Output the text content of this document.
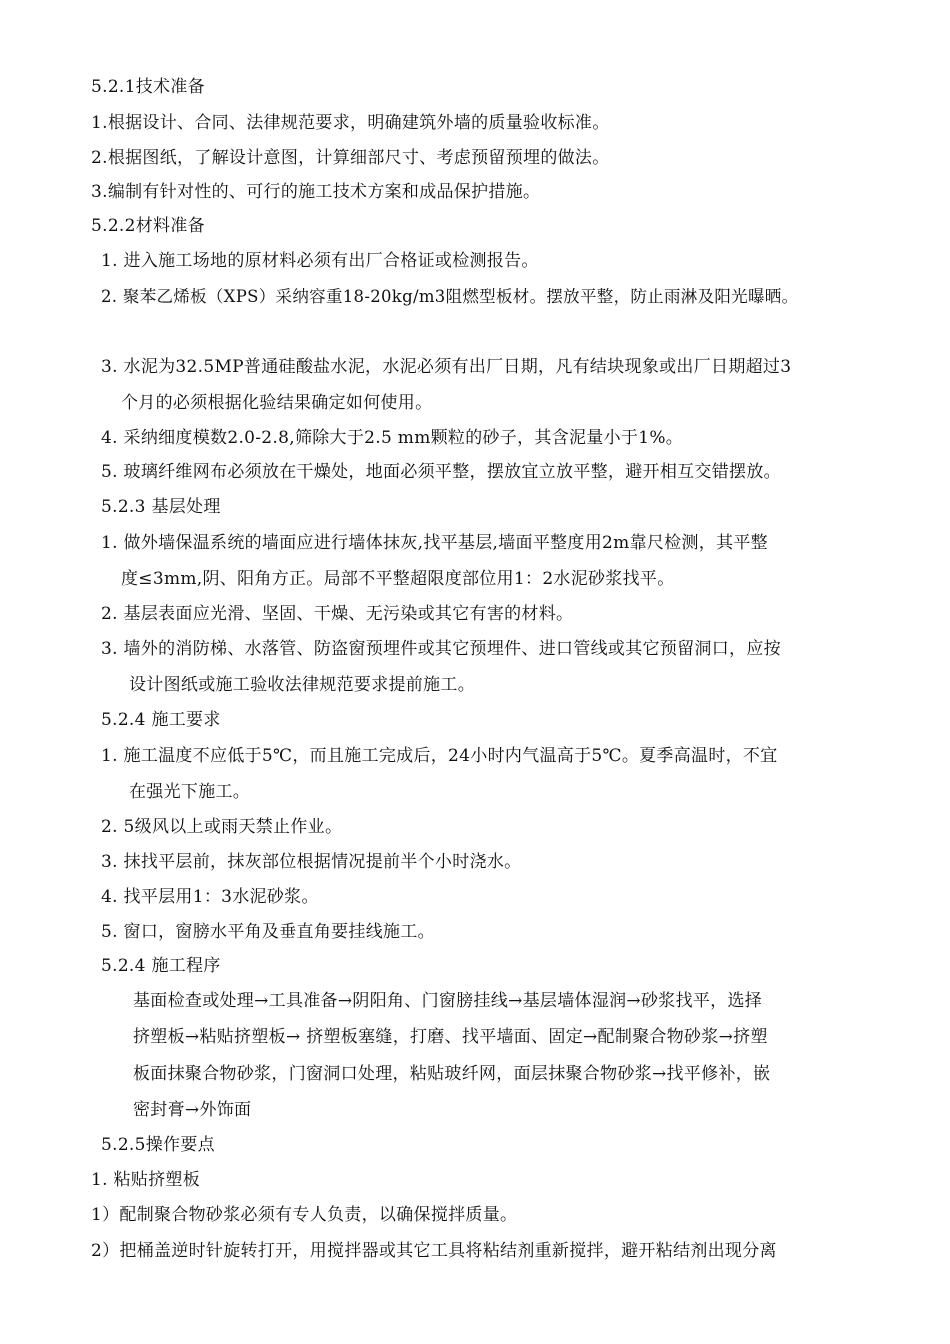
5.2.1技术准备
1.根据设计、合同、法律规范要求，明确建筑外墙的质量验收标准。
2.根据图纸，了解设计意图，计算细部尺寸、考虑预留预埋的做法。
3.编制有针对性的、可行的施工技术方案和成品保护措施。
5.2.2材料准备
1. 进入施工场地的原材料必须有出厂合格证或检测报告。
2. 聚苯乙烯板（XPS）采纳容重18-20kg/m3阻燃型板材。摆放平整，防止雨淋及阳光曝晒。
3. 水泥为32.5MP普通硅酸盐水泥，水泥必须有出厂日期，凡有结块现象或出厂日期超过3
个月的必须根据化验结果确定如何使用。
4. 采纳细度模数2.0-2.8,筛除大于2.5 mm颗粒的砂子，其含泥量小于1%。
5. 玻璃纤维网布必须放在干燥处，地面必须平整，摆放宜立放平整，避开相互交错摆放。
5.2.3 基层处理
1. 做外墙保温系统的墙面应进行墙体抹灰,找平基层,墙面平整度用2m靠尺检测，其平整
度≤3mm,阴、阳角方正。局部不平整超限度部位用1：2水泥砂浆找平。
2. 基层表面应光滑、坚固、干燥、无污染或其它有害的材料。
3. 墙外的消防梯、水落管、防盗窗预埋件或其它预埋件、进口管线或其它预留洞口，应按
设计图纸或施工验收法律规范要求提前施工。
5.2.4 施工要求
1. 施工温度不应低于5℃，而且施工完成后，24小时内气温高于5℃。夏季高温时，不宜
在强光下施工。
2. 5级风以上或雨天禁止作业。
3. 抹找平层前，抹灰部位根据情况提前半个小时浇水。
4. 找平层用1：3水泥砂浆。
5. 窗口，窗膀水平角及垂直角要挂线施工。
5.2.4 施工程序
基面检查或处理→工具准备→阴阳角、门窗膀挂线→基层墙体湿润→砂浆找平，选择
挤塑板→粘贴挤塑板→ 挤塑板塞缝，打磨、找平墙面、固定→配制聚合物砂浆→挤塑
板面抹聚合物砂浆，门窗洞口处理，粘贴玻纤网，面层抹聚合物砂浆→找平修补，嵌
密封膏→外饰面
5.2.5操作要点
1. 粘贴挤塑板
1）配制聚合物砂浆必须有专人负责，以确保搅拌质量。
2）把桶盖逆时针旋转打开，用搅拌器或其它工具将粘结剂重新搅拌，避开粘结剂出现分离
